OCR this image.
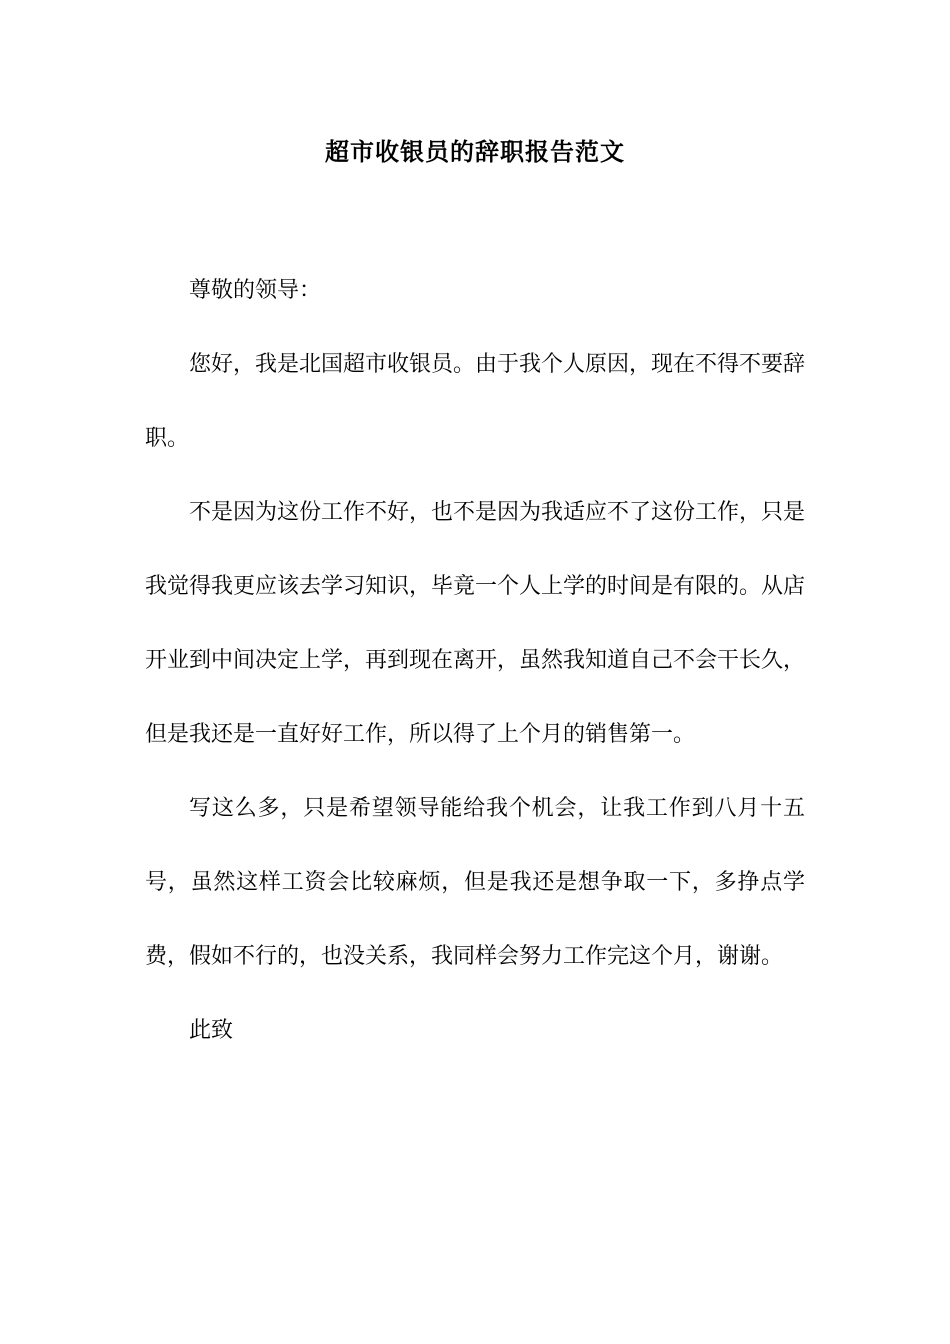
超市收银员的辞职报告范文

尊敬的领导：

您好，我是北国超市收银员。由于我个人原因，现在不得不要辞职。

不是因为这份工作不好，也不是因为我适应不了这份工作，只是我觉得我更应该去学习知识，毕竟一个人上学的时间是有限的。从店开业到中间决定上学，再到现在离开，虽然我知道自己不会干长久，但是我还是一直好好工作，所以得了上个月的销售第一。

写这么多，只是希望领导能给我个机会，让我工作到八月十五号，虽然这样工资会比较麻烦，但是我还是想争取一下，多挣点学费，假如不行的，也没关系，我同样会努力工作完这个月，谢谢。

此致
